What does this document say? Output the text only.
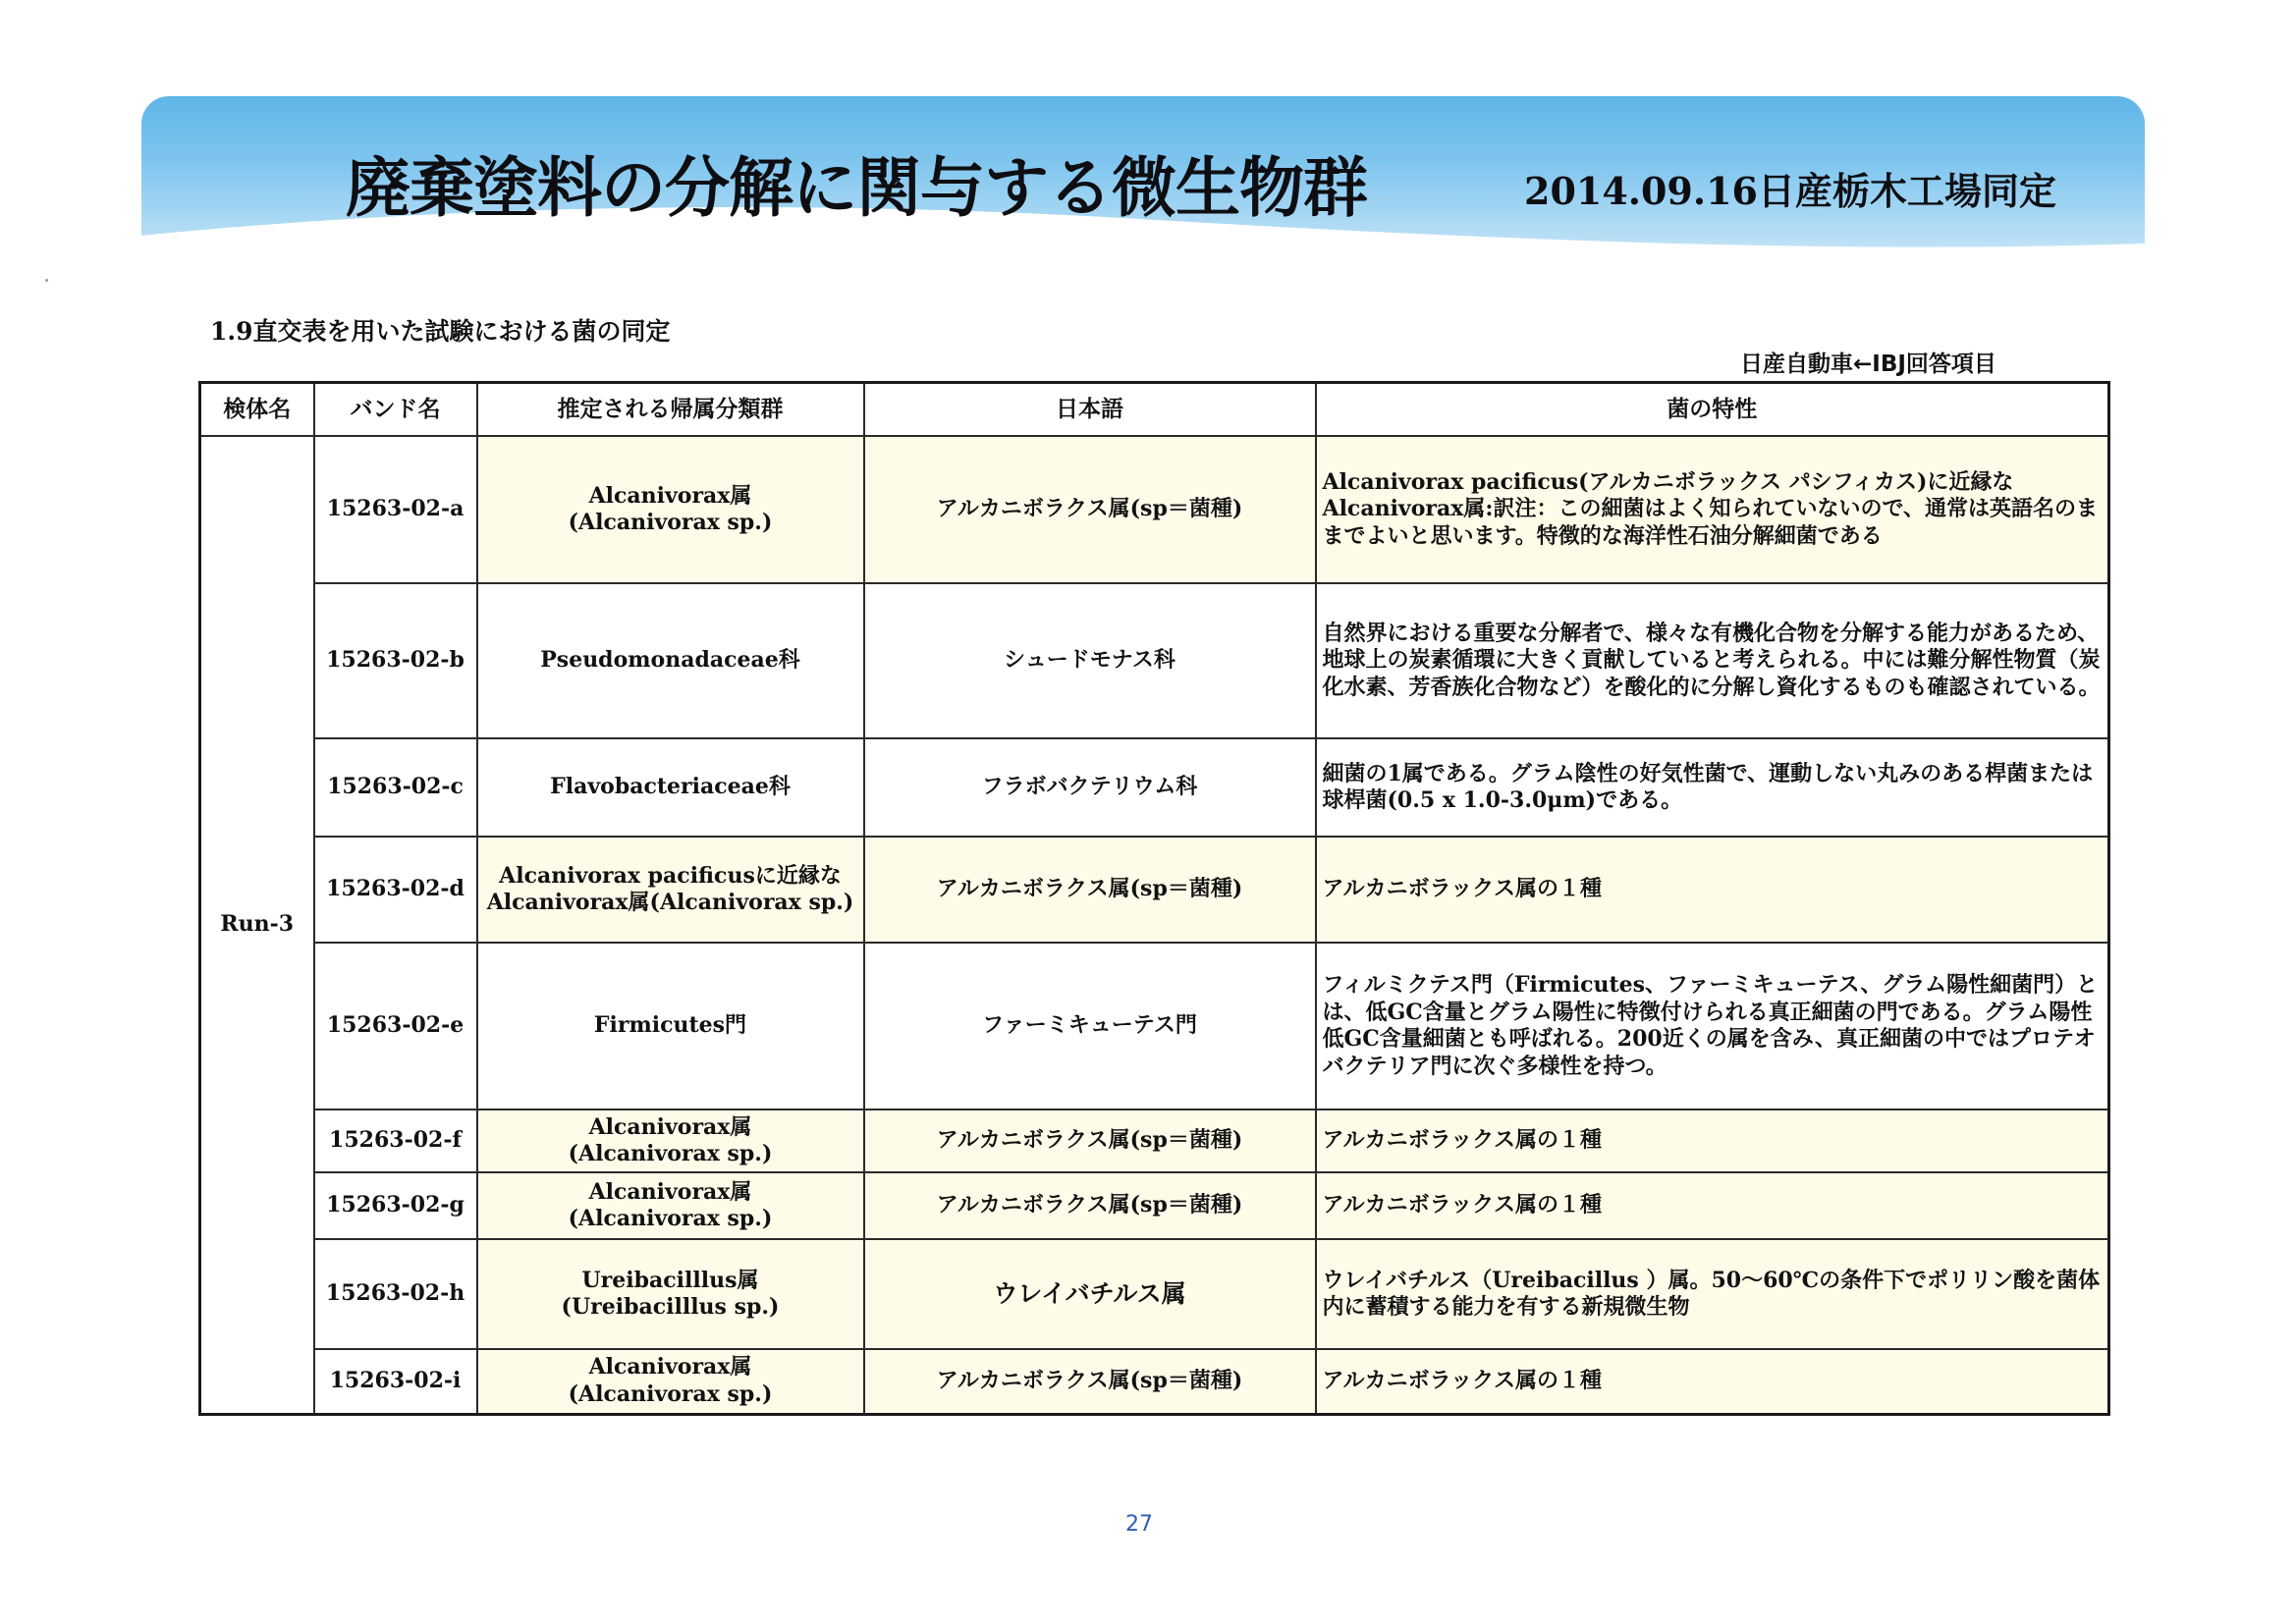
廃棄塗料の分解に関与する微生物群	2014.09.16日産栃木工場同定
1.9直交表を用いた試験における菌の同定
日産自動車←IBJ回答項目
検体名	バンド名	推定される帰属分類群	日本語	菌の特性
Run-3	15263-02-a	Alcanivorax属
(Alcanivorax sp.)	アルカニボラクス属(sp＝菌種)	Alcanivorax pacificus(アルカニボラックス パシフィカス)に近縁なAlcanivorax属:訳注：この細菌はよく知られていないので、通常は英語名のままでよいと思います。特徴的な海洋性石油分解細菌である
	15263-02-b	Pseudomonadaceae科	シュードモナス科	自然界における重要な分解者で、様々な有機化合物を分解する能力があるため、地球上の炭素循環に大きく貢献していると考えられる。中には難分解性物質（炭化水素、芳香族化合物など）を酸化的に分解し資化するものも確認されている。
	15263-02-c	Flavobacteriaceae科	フラボバクテリウム科	細菌の1属である。グラム陰性の好気性菌で、運動しない丸みのある桿菌または球桿菌(0.5 x 1.0-3.0μm)である。
	15263-02-d	Alcanivorax pacificusに近縁な
Alcanivorax属(Alcanivorax sp.)	アルカニボラクス属(sp＝菌種)	アルカニボラックス属の１種
	15263-02-e	Firmicutes門	ファーミキューテス門	フィルミクテス門（Firmicutes、ファーミキューテス、グラム陽性細菌門）とは、低GC含量とグラム陽性に特徴付けられる真正細菌の門である。グラム陽性低GC含量細菌とも呼ばれる。200近くの属を含み、真正細菌の中ではプロテオバクテリア門に次ぐ多様性を持つ。
	15263-02-f	Alcanivorax属
(Alcanivorax sp.)	アルカニボラクス属(sp＝菌種)	アルカニボラックス属の１種
	15263-02-g	Alcanivorax属
(Alcanivorax sp.)	アルカニボラクス属(sp＝菌種)	アルカニボラックス属の１種
	15263-02-h	Ureibacilllus属
(Ureibacilllus sp.)	ウレイバチルス属	ウレイバチルス（Ureibacillus ）属。50～60℃の条件下でポリリン酸を菌体内に蓄積する能力を有する新規微生物
	15263-02-i	Alcanivorax属
(Alcanivorax sp.)	アルカニボラクス属(sp＝菌種)	アルカニボラックス属の１種
27
